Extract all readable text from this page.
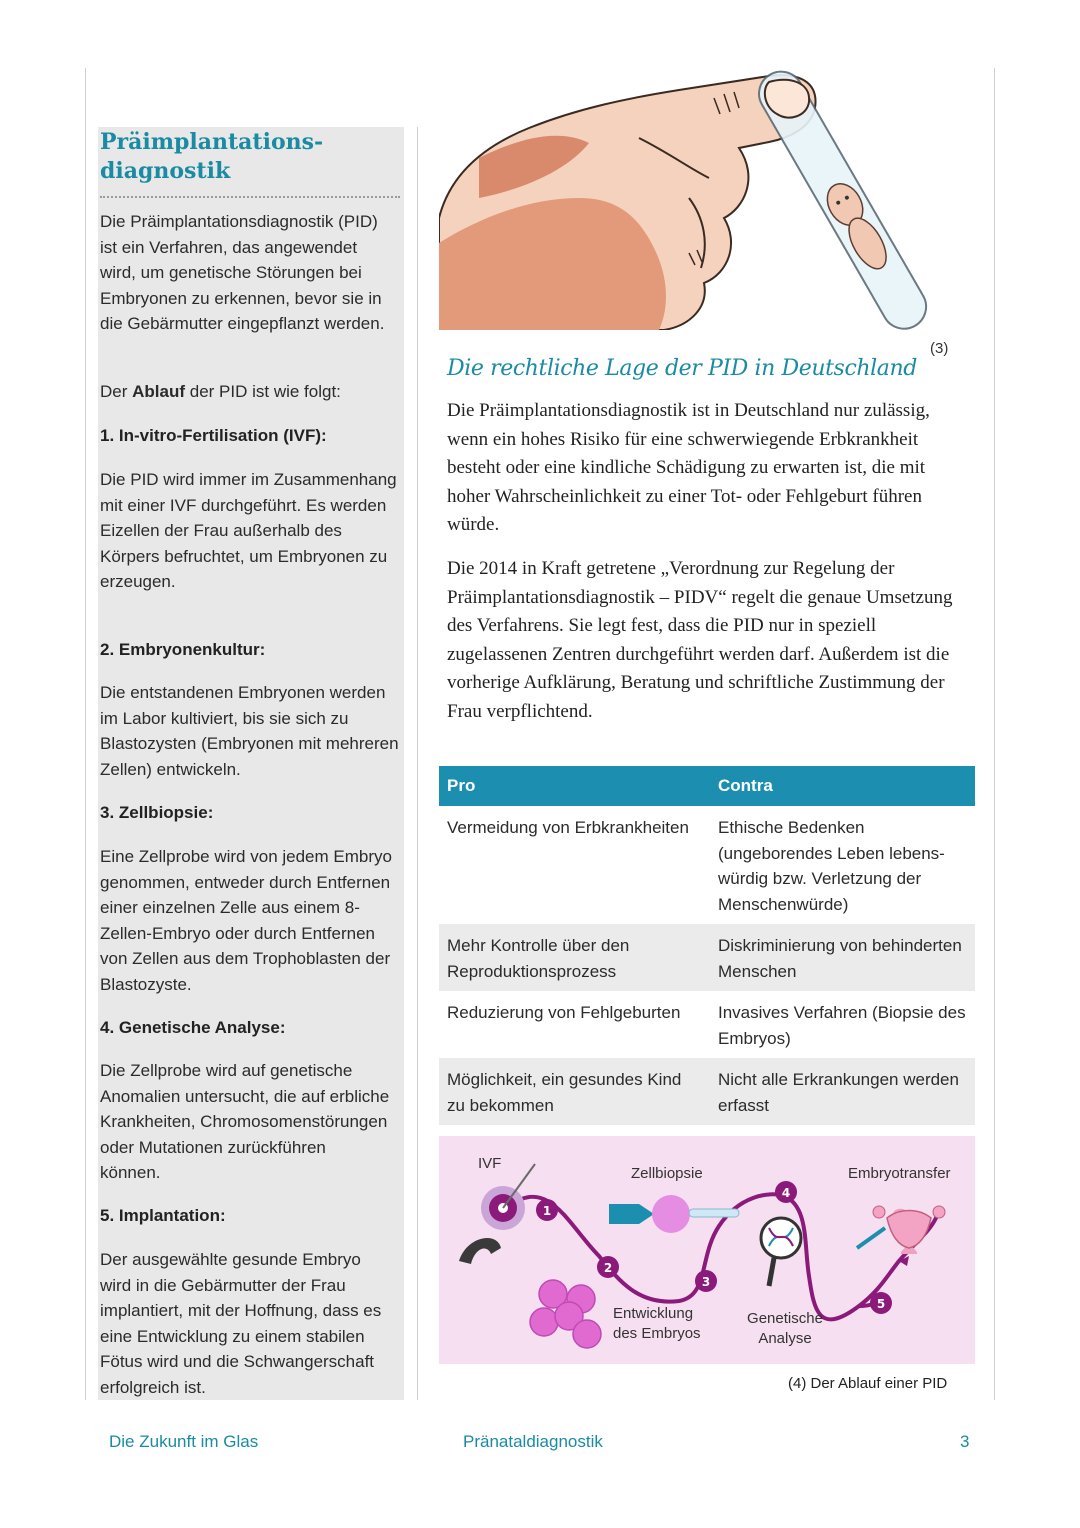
Präimplantations-
diagnostik

Die Präimplantationsdiagnostik (PID) ist ein Verfahren, das angewendet wird, um genetische Störungen bei Embryonen zu erkennen, bevor sie in die Gebärmutter eingepflanzt werden.

Der Ablauf der PID ist wie folgt:

1. In-vitro-Fertilisation (IVF):

Die PID wird immer im Zusammenhang mit einer IVF durchgeführt. Es werden Eizellen der Frau außerhalb des Körpers befruchtet, um Embryonen zu erzeugen.

2. Embryonenkultur:

Die entstandenen Embryonen werden im Labor kultiviert, bis sie sich zu Blastozysten (Embryonen mit mehreren Zellen) entwickeln.

3. Zellbiopsie:

Eine Zellprobe wird von jedem Embryo genommen, entweder durch Entfernen einer einzelnen Zelle aus einem 8-Zellen-Embryo oder durch Entfernen von Zellen aus dem Trophoblasten der Blastozyste.

4. Genetische Analyse:

Die Zellprobe wird auf genetische Anomalien untersucht, die auf erbliche Krankheiten, Chromosomenstörungen oder Mutationen zurückführen können.

5. Implantation:

Der ausgewählte gesunde Embryo wird in die Gebärmutter der Frau implantiert, mit der Hoffnung, dass es eine Entwicklung zu einem stabilen Fötus wird und die Schwangerschaft erfolgreich ist.

(3)
Die rechtliche Lage der PID in Deutschland

Die Präimplantationsdiagnostik ist in Deutschland nur zulässig, wenn ein hohes Risiko für eine schwerwiegende Erbkrankheit besteht oder eine kindliche Schädigung zu erwarten ist, die mit hoher Wahrscheinlichkeit zu einer Tot- oder Fehlgeburt führen würde.

Die 2014 in Kraft getretene „Verordnung zur Regelung der Präimplantationsdiagnostik – PIDV“ regelt die genaue Umsetzung des Verfahrens. Sie legt fest, dass die PID nur in speziell zugelassenen Zentren durchgeführt werden darf. Außerdem ist die vorherige Aufklärung, Beratung und schriftliche Zustimmung der Frau verpflichtend.

Pro	Contra
Vermeidung von Erbkrankheiten	Ethische Bedenken (ungeborendes Leben lebens-würdig bzw. Verletzung der Menschenwürde)
Mehr Kontrolle über den Reproduktionsprozess	Diskriminierung von behinderten Menschen
Reduzierung von Fehlgeburten	Invasives Verfahren (Biopsie des Embryos)
Möglichkeit, ein gesundes Kind zu bekommen	Nicht alle Erkrankungen werden erfasst
1
2
3
4
5
IVF
Zellbiopsie	Embryotransfer
Entwicklung
des Embryos
Genetische
Analyse
(4) Der Ablauf einer PID
Die Zukunft im Glas	Pränataldiagnostik	3
